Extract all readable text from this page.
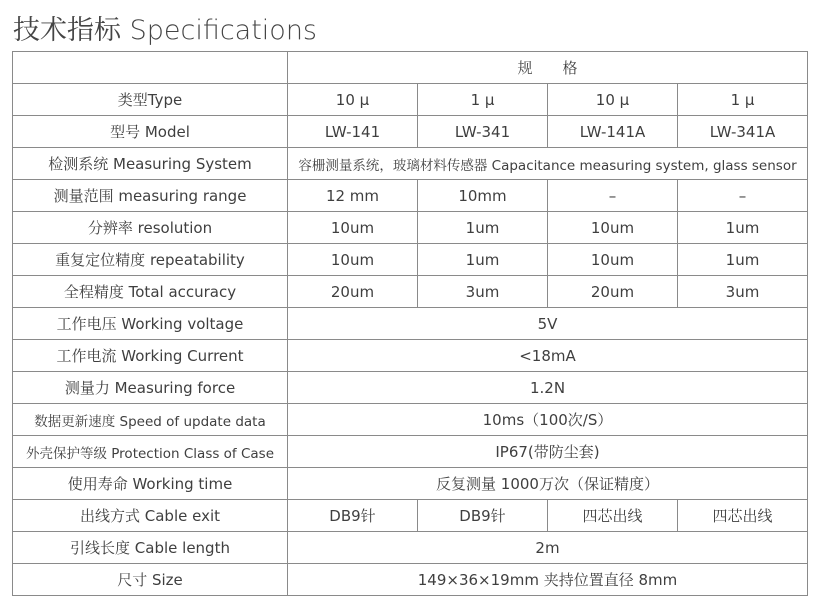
技术指标 Specifications
	规　　格			
类型Type	10 μ	1 μ	10 μ	1 μ
型号 Model	LW-141	LW-341	LW-141A	LW-341A
检测系统 Measuring System	容栅测量系统，玻璃材料传感器 Capacitance measuring system, glass sensor			
测量范围 measuring range	12 mm	10mm	–	–
分辨率 resolution	10um	1um	10um	1um
重复定位精度 repeatability	10um	1um	10um	1um
全程精度 Total accuracy	20um	3um	20um	3um
工作电压 Working voltage	5V			
工作电流 Working Current	<18mA			
测量力 Measuring force	1.2N			
数据更新速度 Speed of update data	10ms（100次/S）			
外壳保护等级 Protection Class of Case	IP67(带防尘套)			
使用寿命 Working time	反复测量 1000万次（保证精度）			
出线方式 Cable exit	DB9针	DB9针	四芯出线	四芯出线
引线长度 Cable length	2m			
尺寸 Size	149×36×19mm 夹持位置直径 8mm			
